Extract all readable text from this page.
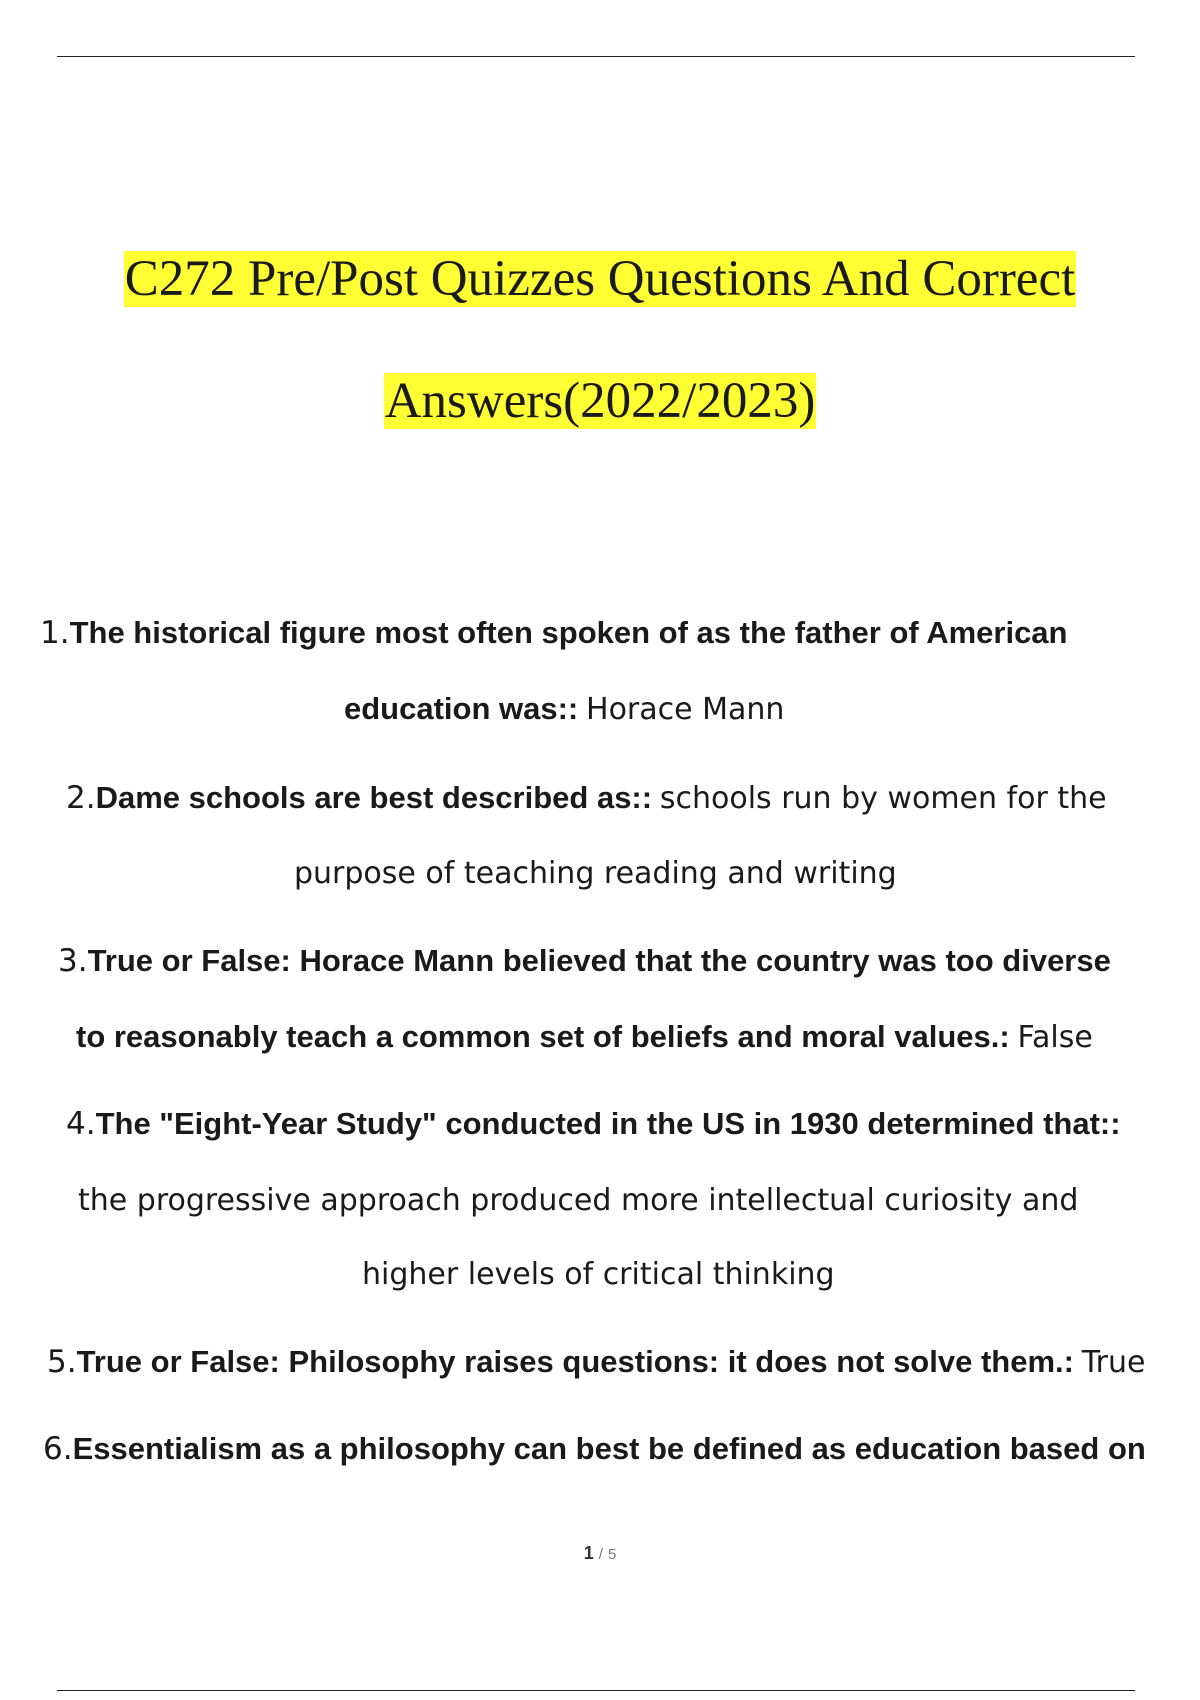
C272 Pre/Post Quizzes Questions And Correct
Answers(2022/2023)
1.The historical figure most often spoken of as the father of American
education was:: Horace Mann
2.Dame schools are best described as:: schools run by women for the
purpose of teaching reading and writing
3.True or False: Horace Mann believed that the country was too diverse
to reasonably teach a common set of beliefs and moral values.: False
4.The "Eight-Year Study" conducted in the US in 1930 determined that::
the progressive approach produced more intellectual curiosity and
higher levels of critical thinking
5.True or False: Philosophy raises questions: it does not solve them.: True
6.Essentialism as a philosophy can best be defined as education based on
1 / 5
